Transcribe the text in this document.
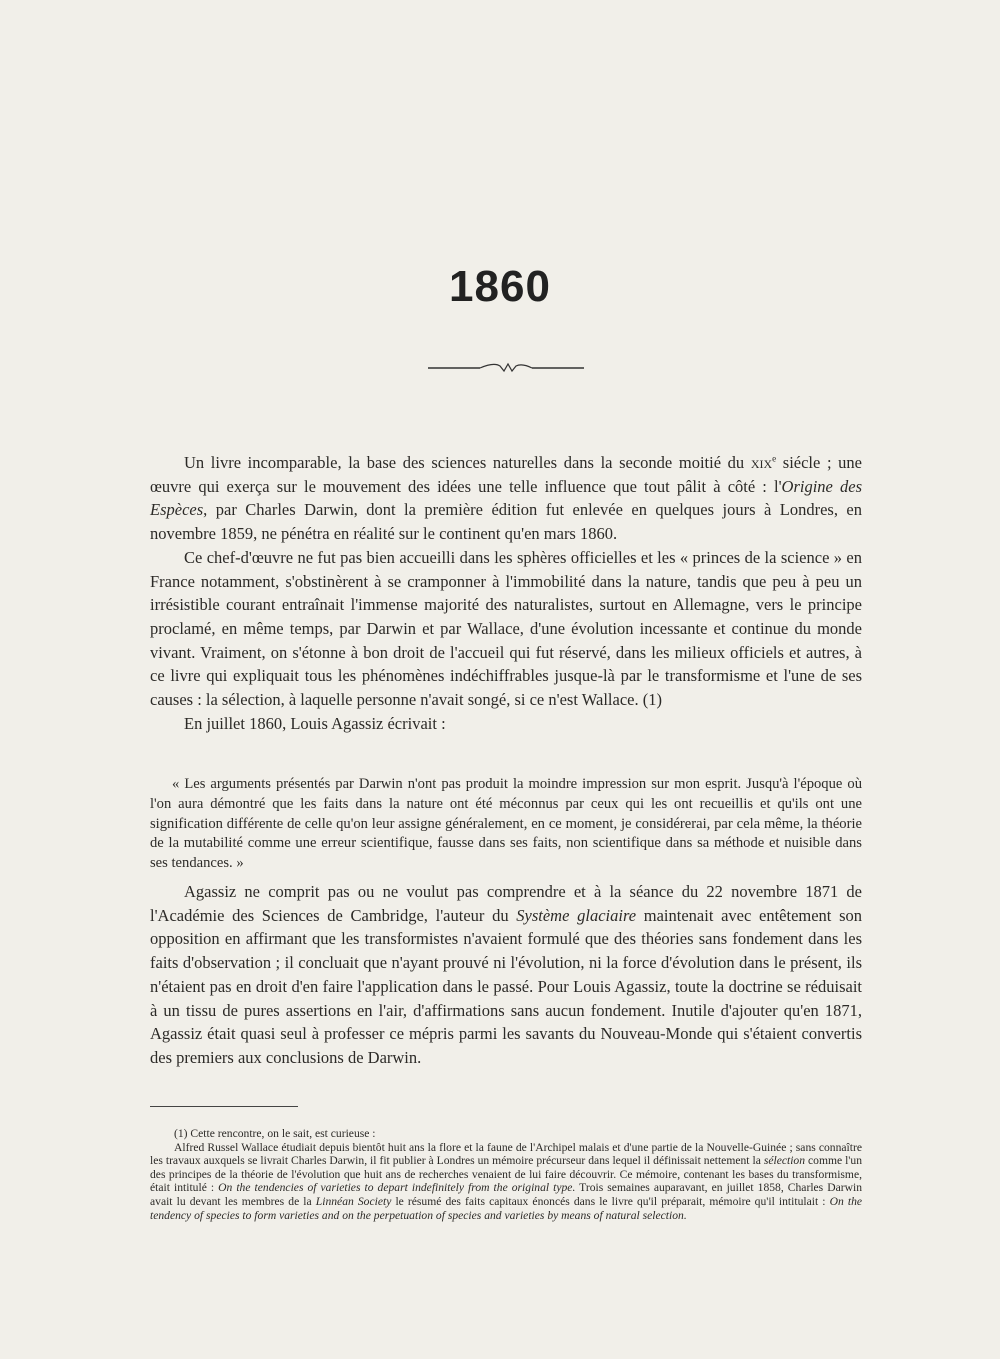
1860

Un livre incomparable, la base des sciences naturelles dans la seconde moitié du xix$^e$ siécle ; une œuvre qui exerça sur le mouvement des idées une telle influence que tout pâlit à côté : l'Origine des Espèces, par Charles Darwin, dont la première édition fut enlevée en quelques jours à Londres, en novembre 1859, ne pénétra en réalité sur le continent qu'en mars 1860.

Ce chef-d'œuvre ne fut pas bien accueilli dans les sphères officielles et les « princes de la science » en France notamment, s'obstinèrent à se cramponner à l'immobilité dans la nature, tandis que peu à peu un irrésistible courant entraînait l'immense majorité des naturalistes, surtout en Allemagne, vers le principe proclamé, en même temps, par Darwin et par Wallace, d'une évolution incessante et continue du monde vivant. Vraiment, on s'étonne à bon droit de l'accueil qui fut réservé, dans les milieux officiels et autres, à ce livre qui expliquait tous les phénomènes indéchiffrables jusque-là par le transformisme et l'une de ses causes : la sélection, à laquelle personne n'avait songé, si ce n'est Wallace. (1)

En juillet 1860, Louis Agassiz écrivait :

« Les arguments présentés par Darwin n'ont pas produit la moindre impression sur mon esprit. Jusqu'à l'époque où l'on aura démontré que les faits dans la nature ont été méconnus par ceux qui les ont recueillis et qu'ils ont une signification différente de celle qu'on leur assigne généralement, en ce moment, je considérerai, par cela même, la théorie de la mutabilité comme une erreur scientifique, fausse dans ses faits, non scientifique dans sa méthode et nuisible dans ses tendances. »

Agassiz ne comprit pas ou ne voulut pas comprendre et à la séance du 22 novembre 1871 de l'Académie des Sciences de Cambridge, l'auteur du Système glaciaire maintenait avec entêtement son opposition en affirmant que les transformistes n'avaient formulé que des théories sans fondement dans les faits d'observation ; il concluait que n'ayant prouvé ni l'évolution, ni la force d'évolution dans le présent, ils n'étaient pas en droit d'en faire l'application dans le passé. Pour Louis Agassiz, toute la doctrine se réduisait à un tissu de pures assertions en l'air, d'affirmations sans aucun fondement. Inutile d'ajouter qu'en 1871, Agassiz était quasi seul à professer ce mépris parmi les savants du Nouveau-Monde qui s'étaient convertis des premiers aux conclusions de Darwin.

(1) Cette rencontre, on le sait, est curieuse :

Alfred Russel Wallace étudiait depuis bientôt huit ans la flore et la faune de l'Archipel malais et d'une partie de la Nouvelle-Guinée ; sans connaître les travaux auxquels se livrait Charles Darwin, il fit publier à Londres un mémoire précurseur dans lequel il définissait nettement la sélection comme l'un des principes de la théorie de l'évolution que huit ans de recherches venaient de lui faire découvrir. Ce mémoire, contenant les bases du transformisme, était intitulé : On the tendencies of varieties to depart indefinitely from the original type. Trois semaines auparavant, en juillet 1858, Charles Darwin avait lu devant les membres de la Linnéan Society le résumé des faits capitaux énoncés dans le livre qu'il préparait, mémoire qu'il intitulait : On the tendency of species to form varieties and on the perpetuation of species and varieties by means of natural selection.
